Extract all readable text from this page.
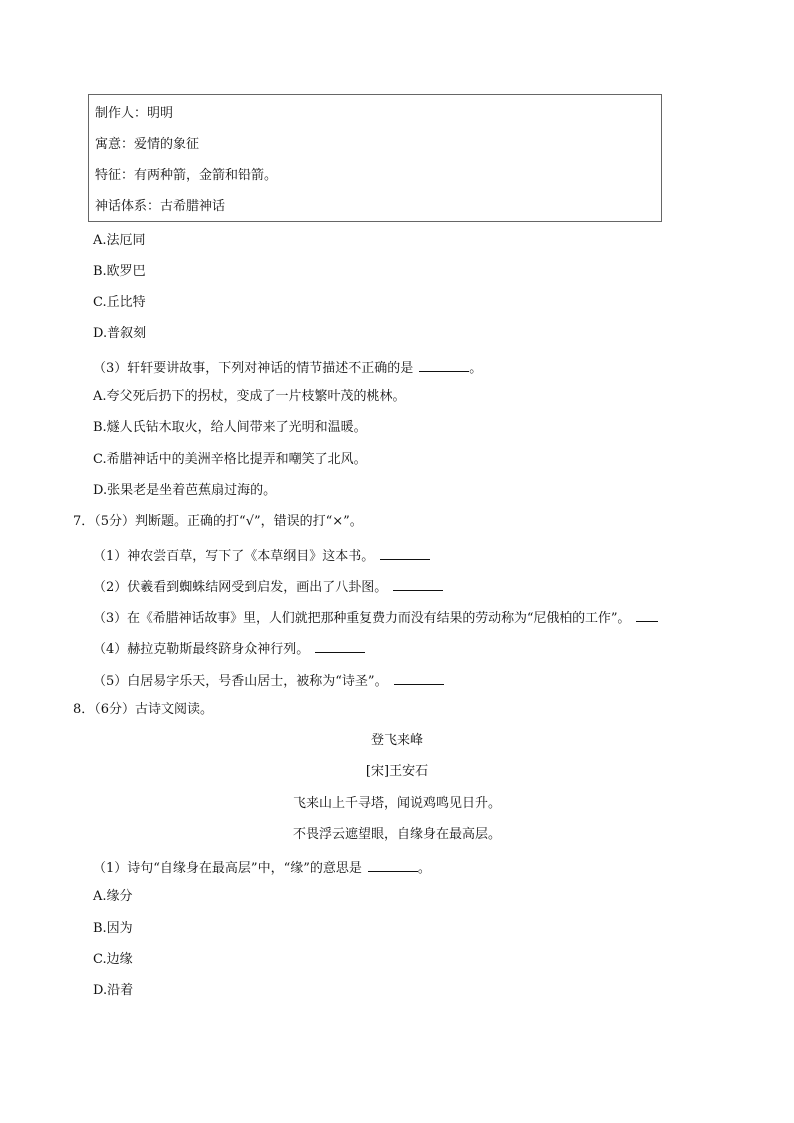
制作人：明明
寓意：爱情的象征
特征：有两种箭，金箭和铅箭。
神话体系：古希腊神话
A.法厄同
B.欧罗巴
C.丘比特
D.普叙刻
（3）轩轩要讲故事，下列对神话的情节描述不正确的是	。
A.夸父死后扔下的拐杖，变成了一片枝繁叶茂的桃林。
B.燧人氏钻木取火，给人间带来了光明和温暖。
C.希腊神话中的美洲辛格比提弄和嘲笑了北风。
D.张果老是坐着芭蕉扇过海的。
7．（5分）判断题。正确的打“√”，错误的打“×”。
（1）神农尝百草，写下了《本草纲目》这本书。
（2）伏羲看到蜘蛛结网受到启发，画出了八卦图。
（3）在《希腊神话故事》里，人们就把那种重复费力而没有结果的劳动称为“尼俄柏的工作”。
（4）赫拉克勒斯最终跻身众神行列。
（5）白居易字乐天，号香山居士，被称为“诗圣”。
8．（6分）古诗文阅读。
登飞来峰
[宋]王安石
飞来山上千寻塔，闻说鸡鸣见日升。
不畏浮云遮望眼，自缘身在最高层。
（1）诗句“自缘身在最高层”中，“缘”的意思是	。
A.缘分
B.因为
C.边缘
D.沿着
